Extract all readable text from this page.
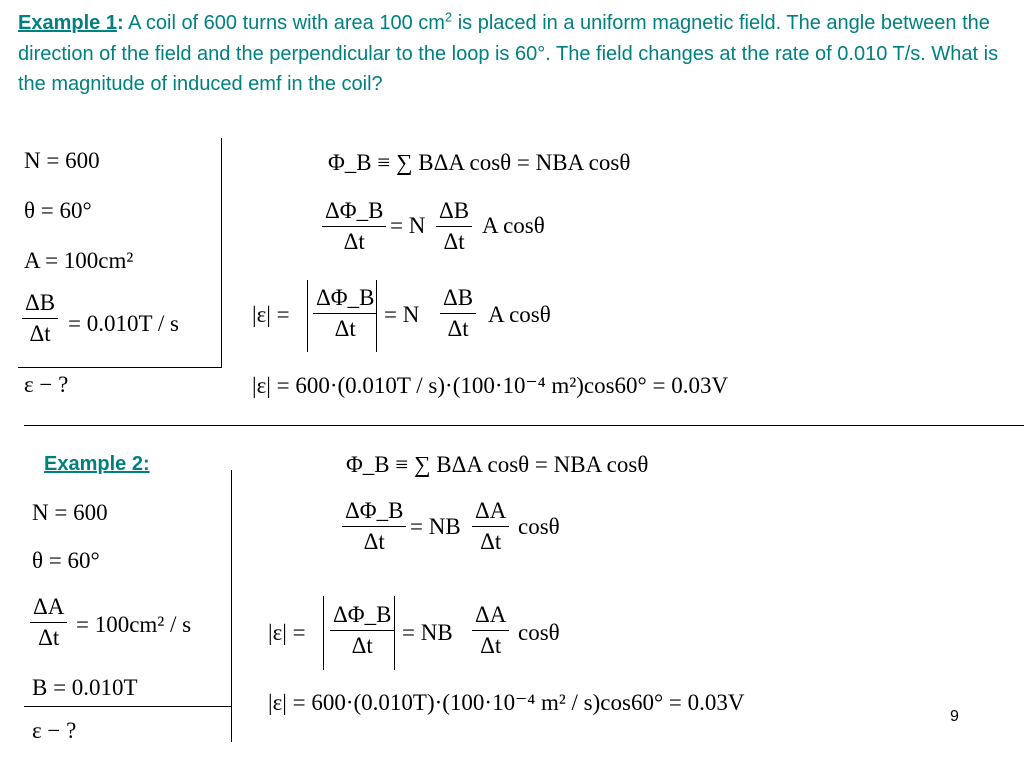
Example 1: A coil of 600 turns with area 100 $cm^2$ is placed in a uniform magnetic field. The angle between the direction of the field and the perpendicular to the loop is 60°. The field changes at the rate of 0.010 T/s. What is the magnitude of induced emf in the coil?
N = 600
θ = 60°
A = 100cm²
$\frac{\Delta B}{\Delta t} = 0.010T / s$
ε − ?
Φ_B ≡ ∑ BΔA cosθ = NBA cosθ
$\frac{\Delta\Phi\_B}{\Delta t} = N \frac{\Delta B}{\Delta t}$ A cosθ
$|\varepsilon| = \frac{\Delta\Phi\_B}{\Delta t} = N \frac{\Delta B}{\Delta t}$ A cosθ
|ε| = 600·(0.010T / s)·(100·10⁻⁴ m²)cos60° = 0.03V
Example 2:
N = 600
θ = 60°
$\frac{\Delta A}{\Delta t} = 100cm^2 / s$
B = 0.010T
ε − ?
Φ_B ≡ ∑ BΔA cosθ = NBA cosθ
$\frac{\Delta\Phi\_B}{\Delta t}$ = NB $\frac{\Delta A}{\Delta t}$ cosθ
$|\varepsilon| = \frac{\Delta\Phi\_B}{\Delta t}$ = NB $\frac{\Delta A}{\Delta t}$ cosθ
|ε| = 600·(0.010T)·(100·10⁻⁴ m² / s)cos60° = 0.03V
9
